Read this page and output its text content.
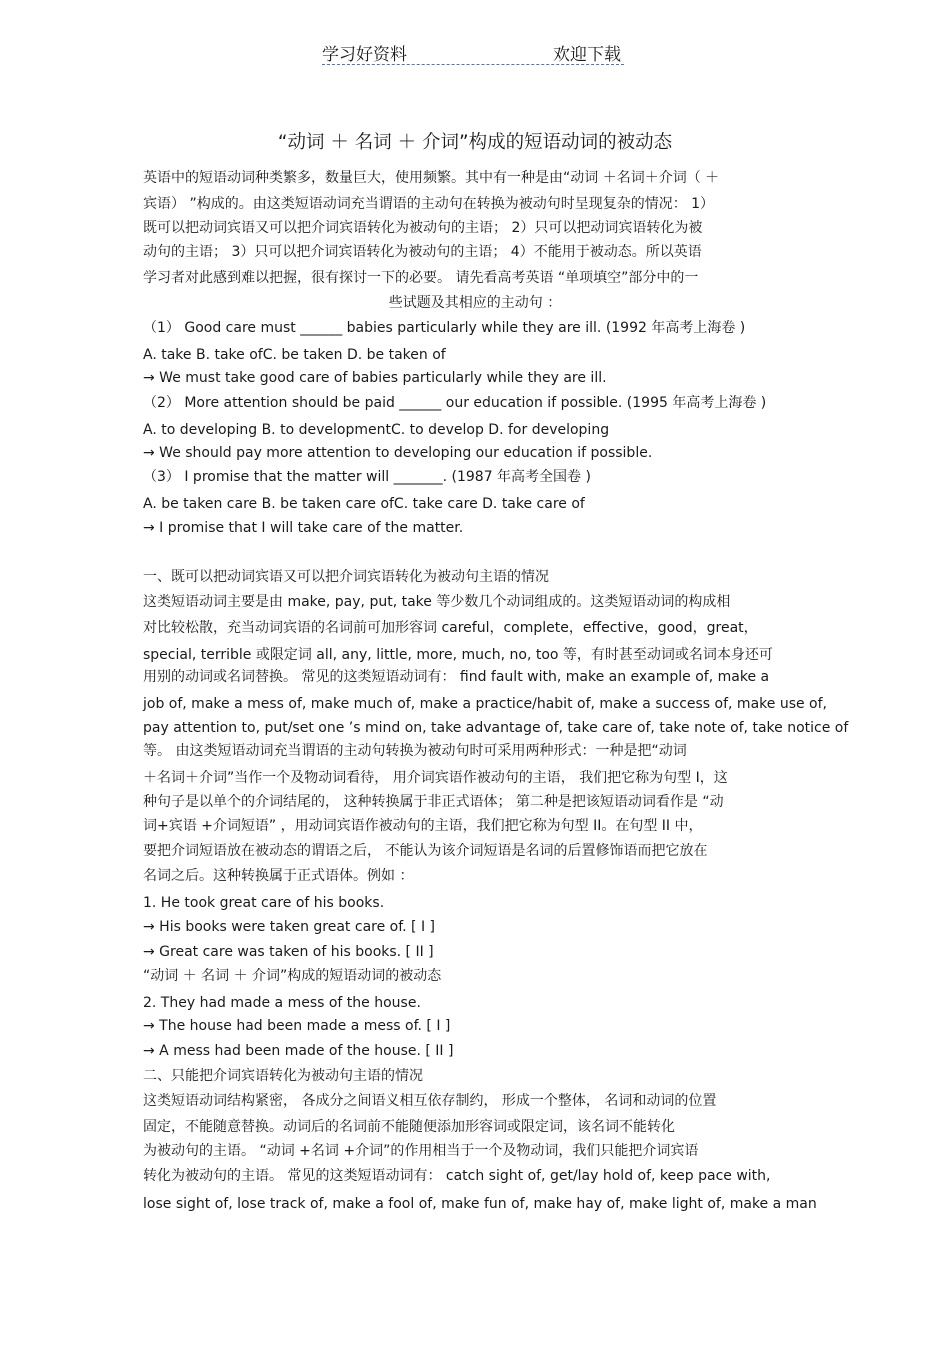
学习好资料	欢迎下载
“动词 ＋ 名词 ＋ 介词”构成的短语动词的被动态
英语中的短语动词种类繁多，数量巨大，使用频繁。其中有一种是由“动词 ＋名词＋介词（ ＋
宾语） ”构成的。由这类短语动词充当谓语的主动句在转换为被动句时呈现复杂的情况： 1）
既可以把动词宾语又可以把介词宾语转化为被动句的主语； 2）只可以把动词宾语转化为被
动句的主语； 3）只可以把介词宾语转化为被动句的主语； 4）不能用于被动态。所以英语
学习者对此感到难以把握，很有探讨一下的必要。 请先看高考英语 “单项填空”部分中的一
些试题及其相应的主动句 ：
（1） Good care must ______ babies particularly while they are ill. (1992 年高考上海卷 )
A. take B. take ofC. be taken D. be taken of
→ We must take good care of babies particularly while they are ill.
（2） More attention should be paid ______ our education if possible. (1995 年高考上海卷 )
A. to developing B. to developmentC. to develop D. for developing
→ We should pay more attention to developing our education if possible.
（3） I promise that the matter will _______. (1987 年高考全国卷 )
A. be taken care B. be taken care ofC. take care D. take care of
→ I promise that I will take care of the matter.
一、既可以把动词宾语又可以把介词宾语转化为被动句主语的情况
这类短语动词主要是由 make, pay, put, take 等少数几个动词组成的。这类短语动词的构成相
对比较松散，充当动词宾语的名词前可加形容词 careful，complete，effective，good，great，
special, terrible 或限定词 all, any, little, more, much, no, too 等，有时甚至动词或名词本身还可
用别的动词或名词替换。 常见的这类短语动词有： find fault with, make an example of, make a
job of, make a mess of, make much of, make a practice/habit of, make a success of, make use of,
pay attention to, put/set one ’s mind on, take advantage of, take care of, take note of, take notice of
等。 由这类短语动词充当谓语的主动句转换为被动句时可采用两种形式：一种是把“动词
＋名词＋介词”当作一个及物动词看待， 用介词宾语作被动句的主语， 我们把它称为句型 I，这
种句子是以单个的介词结尾的， 这种转换属于非正式语体； 第二种是把该短语动词看作是 “动
词+宾语 +介词短语” ，用动词宾语作被动句的主语，我们把它称为句型 II。在句型 II 中，
要把介词短语放在被动态的谓语之后， 不能认为该介词短语是名词的后置修饰语而把它放在
名词之后。这种转换属于正式语体。例如 ：
1. He took great care of his books.
→ His books were taken great care of. [ I ]
→ Great care was taken of his books. [ II ]
“动词 ＋ 名词 ＋ 介词”构成的短语动词的被动态
2. They had made a mess of the house.
→ The house had been made a mess of. [ I ]
→ A mess had been made of the house. [ II ]
二、只能把介词宾语转化为被动句主语的情况
这类短语动词结构紧密， 各成分之间语义相互依存制约， 形成一个整体， 名词和动词的位置
固定，不能随意替换。动词后的名词前不能随便添加形容词或限定词，该名词不能转化
为被动句的主语。 “动词 +名词 +介词”的作用相当于一个及物动词，我们只能把介词宾语
转化为被动句的主语。 常见的这类短语动词有： catch sight of, get/lay hold of, keep pace with,
lose sight of, lose track of, make a fool of, make fun of, make hay of, make light of, make a man
